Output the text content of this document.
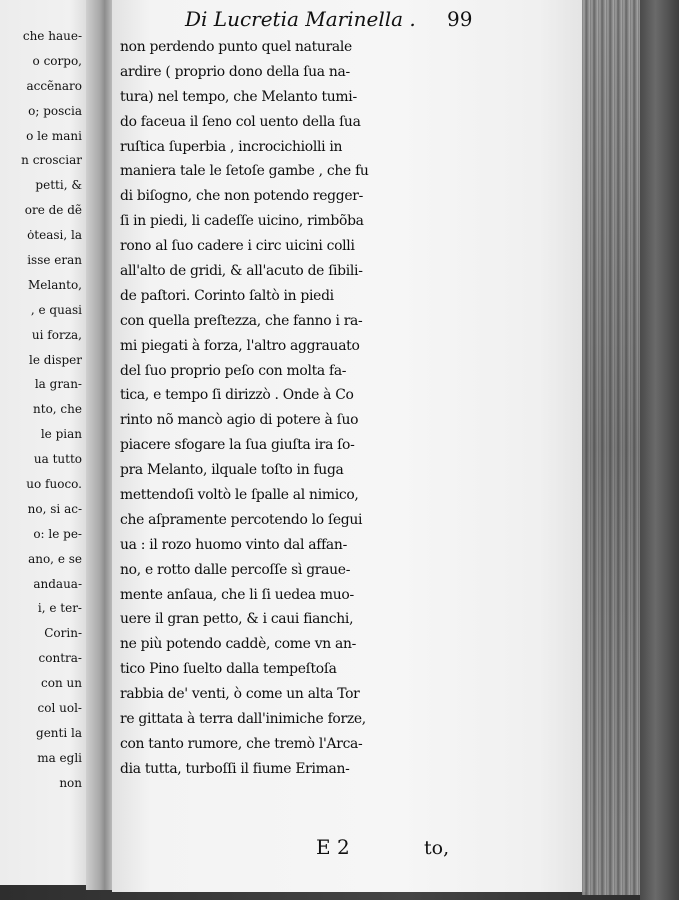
che haue-
o corpo,
accẽnaro
o; poscia
o le mani
n crosciar
petti, &
ore de dẽ
ȯteasi, la
isse eran
Melanto,
, e quasi
ui forza,
le disper
la gran-
nto, che
le pian
ua tutto
uo fuoco.
no, si ac-
o: le pe-
ano, e se
andaua-
i, e ter-
Corin-
contra-
con un
col uol-
genti la
ma egli
non
Di Lucretia Marinella . 99
non perdendo punto quel naturale
ardire ( proprio dono della ſua na-
tura) nel tempo, che Melanto tumi-
do faceua il ſeno col uento della ſua
ruſtica ſuperbia , incrocichiolli in
maniera tale le ſetoſe gambe , che fu
di biſogno, che non potendo regger-
ſi in piedi, li cadeſſe uicino, rimbõba
rono al ſuo cadere i circ uicini colli
all'alto de gridi, & all'acuto de ſibili-
de paſtori. Corinto ſaltò in piedi
con quella preſtezza, che fanno i ra-
mi piegati à forza, l'altro aggrauato
del ſuo proprio peſo con molta fa-
tica, e tempo ſi dirizzò . Onde à Co
rinto nõ mancò agio di potere à ſuo
piacere sfogare la ſua giuſta ira ſo-
pra Melanto, ilquale toſto in fuga
mettendoſi voltò le ſpalle al nimico,
che aſpramente percotendo lo ſegui
ua : il rozo huomo vinto dal affan-
no, e rotto dalle percoſſe sì graue-
mente anſaua, che li ſi uedea muo-
uere il gran petto, & i caui fianchi,
ne più potendo caddè, come vn an-
tico Pino ſuelto dalla tempeſtoſa
rabbia de' venti, ò come un alta Tor
re gittata à terra dall'inimiche forze,
con tanto rumore, che tremò l'Arca-
dia tutta, turboſſi il fiume Eriman-
E 2	to,
